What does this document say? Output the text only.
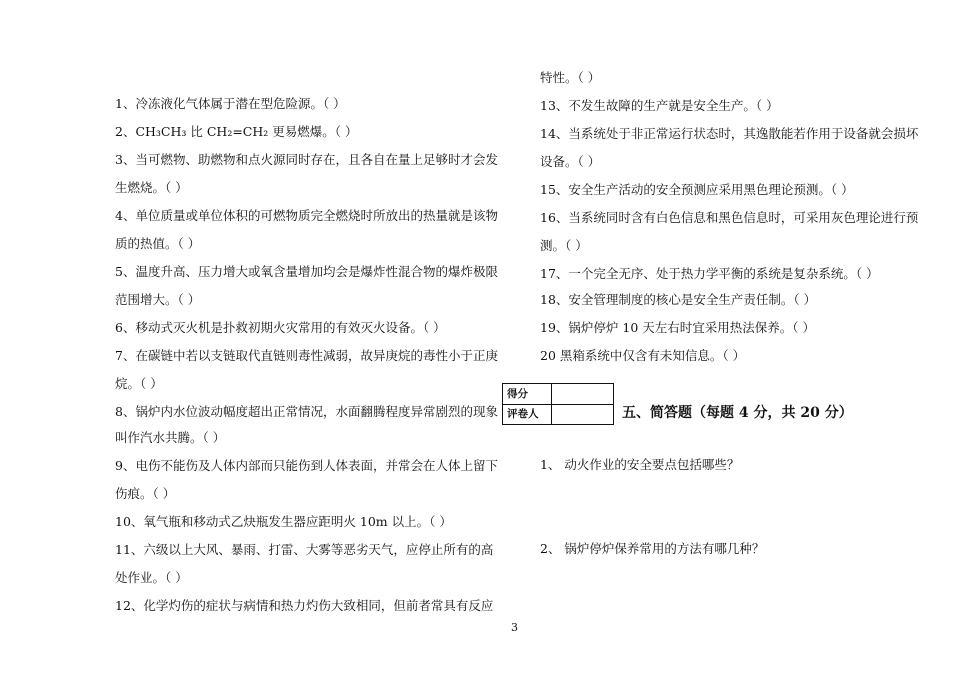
1、冷冻液化气体属于潜在型危险源。（ ）
2、CH₃CH₃ 比 CH₂=CH₂ 更易燃爆。（ ）
3、当可燃物、助燃物和点火源同时存在，且各自在量上足够时才会发
生燃烧。（ ）
4、单位质量或单位体积的可燃物质完全燃烧时所放出的热量就是该物
质的热值。（ ）
5、温度升高、压力增大或氧含量增加均会是爆炸性混合物的爆炸极限
范围增大。（ ）
6、移动式灭火机是扑救初期火灾常用的有效灭火设备。（ ）
7、在碳链中若以支链取代直链则毒性减弱，故异庚烷的毒性小于正庚
烷。（ ）
8、锅炉内水位波动幅度超出正常情况，水面翻腾程度异常剧烈的现象
叫作汽水共腾。（ ）
9、电伤不能伤及人体内部而只能伤到人体表面，并常会在人体上留下
伤痕。（ ）
10、氧气瓶和移动式乙炔瓶发生器应距明火 10m 以上。（ ）
11、六级以上大风、暴雨、打雷、大雾等恶劣天气，应停止所有的高
处作业。（ ）
12、化学灼伤的症状与病情和热力灼伤大致相同，但前者常具有反应
特性。（ ）
13、不发生故障的生产就是安全生产。（ ）
14、当系统处于非正常运行状态时，其逸散能若作用于设备就会损坏
设备。（ ）
15、安全生产活动的安全预测应采用黑色理论预测。（ ）
16、当系统同时含有白色信息和黑色信息时，可采用灰色理论进行预
测。（ ）
17、一个完全无序、处于热力学平衡的系统是复杂系统。（ ）
18、安全管理制度的核心是安全生产责任制。（ ）
19、锅炉停炉 10 天左右时宜采用热法保养。（ ）
20 黑箱系统中仅含有未知信息。（ ）
得分
评卷人	五、简答题（每题 4 分，共 20 分）
1、 动火作业的安全要点包括哪些？
2、 锅炉停炉保养常用的方法有哪几种？
3
